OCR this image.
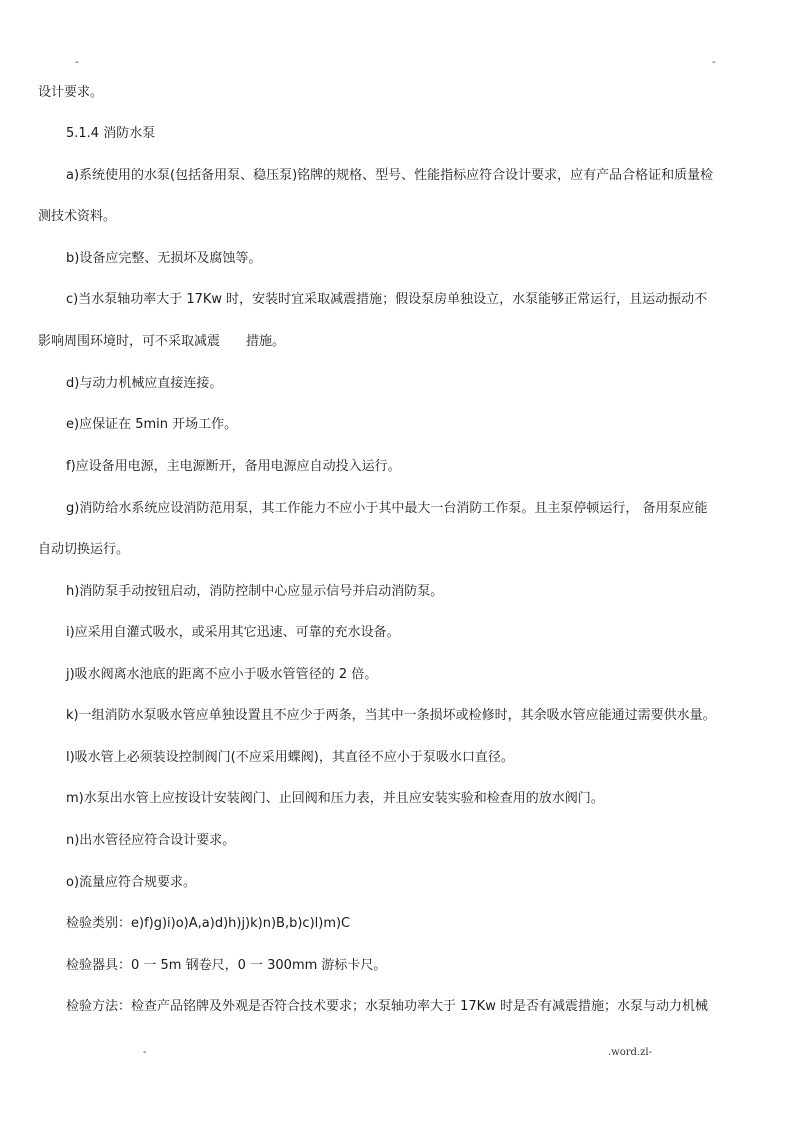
-	-
设计要求。
5.1.4 消防水泵
a)系统使用的水泵(包括备用泵、稳压泵)铭牌的规格、型号、性能指标应符合设计要求，应有产品合格证和质量检
测技术资料。
b)设备应完整、无损坏及腐蚀等。
c)当水泵轴功率大于 17Kw 时，安装时宜采取减震措施；假设泵房单独设立，水泵能够正常运行，且运动振动不
影响周围环境时，可不采取减震 措施。
d)与动力机械应直接连接。
e)应保证在 5min 开场工作。
f)应设备用电源，主电源断开，备用电源应自动投入运行。
g)消防给水系统应设消防范用泵，其工作能力不应小于其中最大一台消防工作泵。且主泵停顿运行， 备用泵应能
自动切换运行。
h)消防泵手动按钮启动，消防控制中心应显示信号并启动消防泵。
i)应采用自灌式吸水，或采用其它迅速、可靠的充水设备。
j)吸水阀离水池底的距离不应小于吸水管管径的 2 倍。
k)一组消防水泵吸水管应单独设置且不应少于两条，当其中一条损坏或检修时，其余吸水管应能通过需要供水量。
l)吸水管上必须装设控制阀门(不应采用蝶阀)，其直径不应小于泵吸水口直径。
m)水泵出水管上应按设计安装阀门、止回阀和压力表，并且应安装实验和检查用的放水阀门。
n)出水管径应符合设计要求。
o)流量应符合规要求。
检验类别：e)f)g)i)o)A,a)d)h)j)k)n)B,b)c)l)m)C
检验器具：0 一 5m 钢卷尺，0 一 300mm 游标卡尺。
检验方法：检查产品铭牌及外观是否符合技术要求；水泵轴功率大于 17Kw 时是否有减震措施；水泵与动力机械
-	.word.zl-
